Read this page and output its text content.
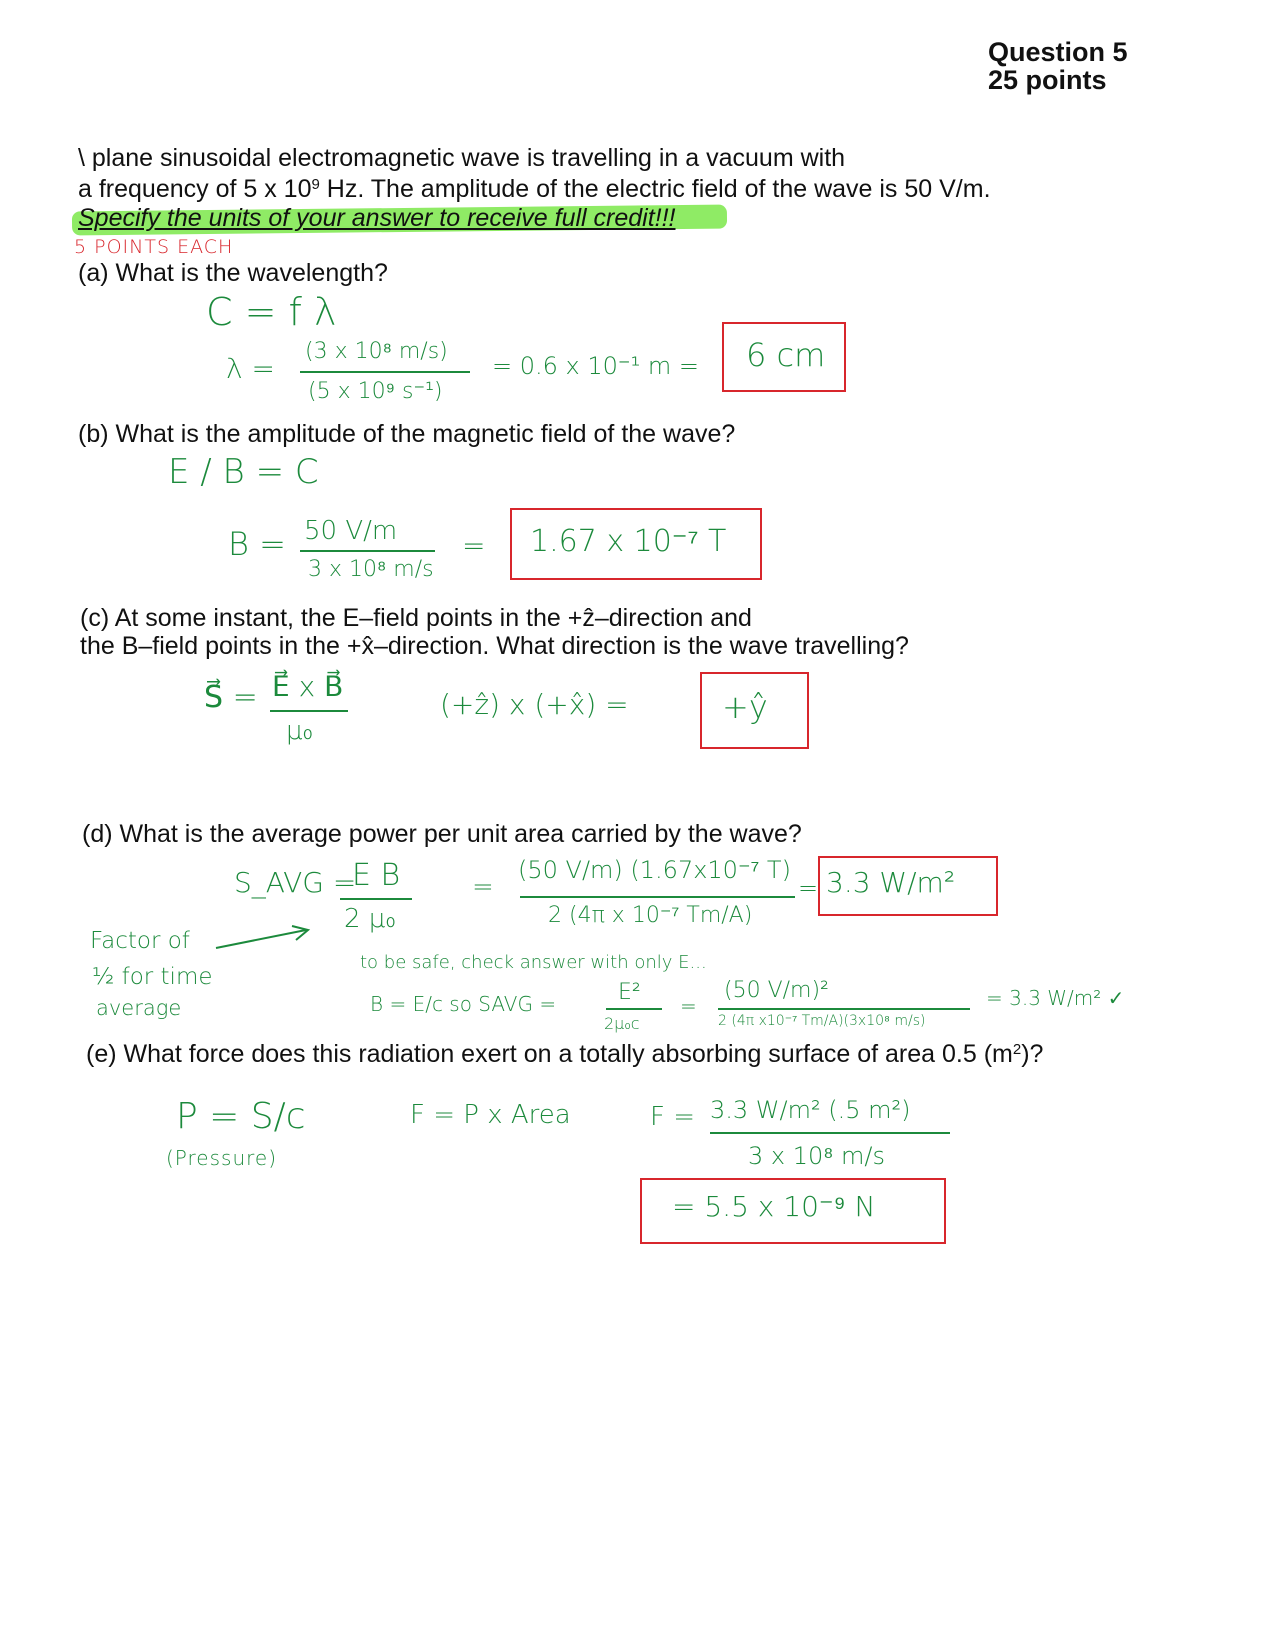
Question 5
25 points
\ plane sinusoidal electromagnetic wave is travelling in a vacuum with
a frequency of 5 x $10^9$ Hz. The amplitude of the electric field of the wave is 50 V/m.
Specify the units of your answer to receive full credit!!!
5 POINTS EACH
(a) What is the wavelength?
C = f λ
λ =
(3 x 10⁸ m/s)
(5 x 10⁹ s⁻¹)
= 0.6 x 10⁻¹ m = 6 cm
(b) What is the amplitude of the magnetic field of the wave?
E / B = C
B = 50 V/m
3 x 10⁸ m/s
= 1.67 x 10⁻⁷ T
(c) At some instant, the E–field points in the +ẑ–direction and
the B–field points in the +x̂–direction. What direction is the wave travelling?
S⃗ = E⃗ x B⃗
μ₀
(+ẑ) x (+x̂) =	+ŷ
(d) What is the average power per unit area carried by the wave?
S_AVG =
E B
2 μ₀
=
(50 V/m) (1.67x10⁻⁷ T)
2 (4π x 10⁻⁷ Tm/A)
= 3.3 W/m²
Factor of
½ for time
average
to be safe, check answer with only E...
B = E/c so SAVG =	E²
2μ₀c
=
(50 V/m)²
2 (4π x10⁻⁷ Tm/A)(3x10⁸ m/s)
= 3.3 W/m² ✓
(e) What force does this radiation exert on a totally absorbing surface of area 0.5 $(m^2)$?
P = S/c
(Pressure)
F = P x Area	F = 3.3 W/m² (.5 m²)
3 x 10⁸ m/s
= 5.5 x 10⁻⁹ N
